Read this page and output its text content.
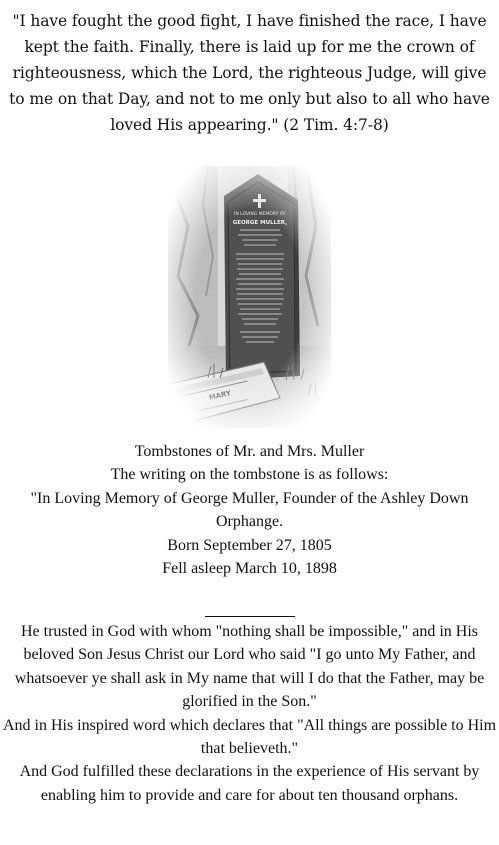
"I have fought the good fight, I have finished the race, I have kept the faith. Finally, there is laid up for me the crown of righteousness, which the Lord, the righteous Judge, will give to me on that Day, and not to me only but also to all who have loved His appearing." (2 Tim. 4:7-8)
Tombstones of Mr. and Mrs. Muller
The writing on the tombstone is as follows:
"In Loving Memory of George Muller, Founder of the Ashley Down Orphange.
Born September 27, 1805
Fell asleep March 10, 1898

He trusted in God with whom "nothing shall be impossible," and in His beloved Son Jesus Christ our Lord who said "I go unto My Father, and whatsoever ye shall ask in My name that will I do that the Father, may be glorified in the Son."

And in His inspired word which declares that "All things are possible to Him that believeth."

And God fulfilled these declarations in the experience of His servant by enabling him to provide and care for about ten thousand orphans.
